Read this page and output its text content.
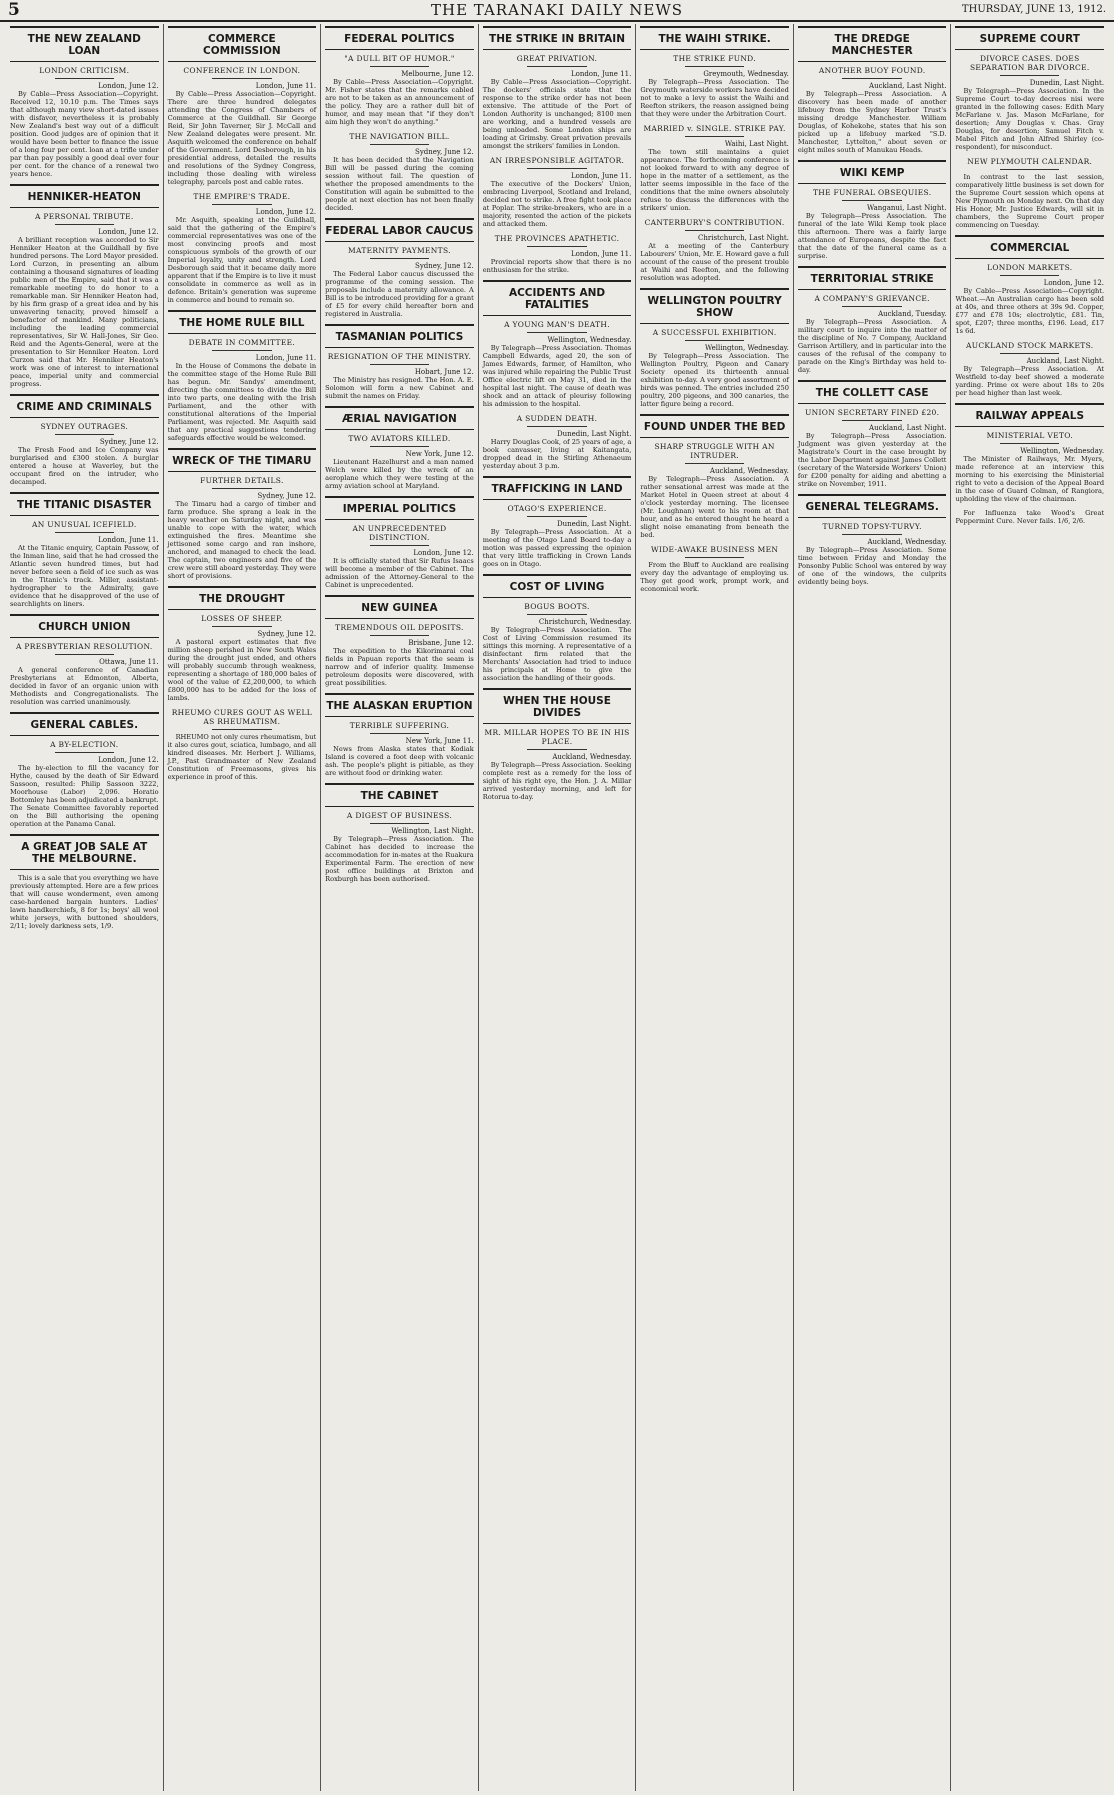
5	THE TARANAKI DAILY NEWS	THURSDAY, JUNE 13, 1912.
THE NEW ZEALAND LOAN
LONDON CRITICISM.

London, June 12.

By Cable—Press Association—Copyright. Received 12, 10.10 p.m. The Times says that although many view short-dated issues with disfavor, nevertheless it is probably New Zealand's best way out of a difficult position. Good judges are of opinion that it would have been better to finance the issue of a long four per cent. loan at a trifle under par than pay possibly a good deal over four per cent. for the chance of a renewal two years hence.

HENNIKER-HEATON
A PERSONAL TRIBUTE.

London, June 12.

A brilliant reception was accorded to Sir Henniker Heaton at the Guildhall by five hundred persons. The Lord Mayor presided. Lord Curzon, in presenting an album containing a thousand signatures of leading public men of the Empire, said that it was a remarkable meeting to do honor to a remarkable man. Sir Henniker Heaton had, by his firm grasp of a great idea and by his unwavering tenacity, proved himself a benefactor of mankind. Many politicians, including the leading commercial representatives, Sir W. Hall-Jones, Sir Geo. Reid and the Agents-General, were at the presentation to Sir Henniker Heaton. Lord Curzon said that Mr. Henniker Heaton's work was one of interest to international peace, imperial unity and commercial progress.

CRIME AND CRIMINALS
SYDNEY OUTRAGES.

Sydney, June 12.

The Fresh Food and Ice Company was burglarised and £300 stolen. A burglar entered a house at Waverley, but the occupant fired on the intruder, who decamped.

THE TITANIC DISASTER
AN UNUSUAL ICEFIELD.

London, June 11.

At the Titanic enquiry, Captain Passow, of the Inman line, said that he had crossed the Atlantic seven hundred times, but had never before seen a field of ice such as was in the Titanic's track. Miller, assistant-hydrographer to the Admiralty, gave evidence that he disapproved of the use of searchlights on liners.

CHURCH UNION
A PRESBYTERIAN RESOLUTION.

Ottawa, June 11.

A general conference of Canadian Presbyterians at Edmonton, Alberta, decided in favor of an organic union with Methodists and Congregationalists. The resolution was carried unanimously.

GENERAL CABLES.
A BY-ELECTION.

London, June 12.

The by-election to fill the vacancy for Hythe, caused by the death of Sir Edward Sassoon, resulted: Philip Sassoon 3222, Moorhouse (Labor) 2,096. Horatio Bottomley has been adjudicated a bankrupt. The Senate Committee favorably reported on the Bill authorising the opening operation at the Panama Canal.

A GREAT JOB SALE AT THE MELBOURNE.

This is a sale that you everything we have previously attempted. Here are a few prices that will cause wonderment, even among case-hardened bargain hunters. Ladies' lawn handkerchiefs, 8 for 1s; boys' all wool white jerseys, with buttoned shoulders, 2/11; lovely darkness sets, 1/9.

COMMERCE COMMISSION
CONFERENCE IN LONDON.

London, June 11.

By Cable—Press Association—Copyright. There are three hundred delegates attending the Congress of Chambers of Commerce at the Guildhall. Sir George Reid, Sir John Taverner, Sir J. McCall and New Zealand delegates were present. Mr. Asquith welcomed the conference on behalf of the Government. Lord Desborough, in his presidential address, detailed the results and resolutions of the Sydney Congress, including those dealing with wireless telegraphy, parcels post and cable rates.

THE EMPIRE'S TRADE.

London, June 12.

Mr. Asquith, speaking at the Guildhall, said that the gathering of the Empire's commercial representatives was one of the most convincing proofs and most conspicuous symbols of the growth of our Imperial loyalty, unity and strength. Lord Desborough said that it became daily more apparent that if the Empire is to live it must consolidate in commerce as well as in defence. Britain's generation was supreme in commerce and bound to remain so.

THE HOME RULE BILL
DEBATE IN COMMITTEE.

London, June 11.

In the House of Commons the debate in the committee stage of the Home Rule Bill has begun. Mr. Sandys' amendment, directing the committees to divide the Bill into two parts, one dealing with the Irish Parliament, and the other with constitutional alterations of the Imperial Parliament, was rejected. Mr. Asquith said that any practical suggestions tendering safeguards effective would be welcomed.

WRECK OF THE TIMARU
FURTHER DETAILS.

Sydney, June 12.

The Timaru had a cargo of timber and farm produce. She sprang a leak in the heavy weather on Saturday night, and was unable to cope with the water, which extinguished the fires. Meantime she jettisoned some cargo and ran inshore, anchored, and managed to check the lead. The captain, two engineers and five of the crew were still aboard yesterday. They were short of provisions.

THE DROUGHT
LOSSES OF SHEEP.

Sydney, June 12.

A pastoral expert estimates that five million sheep perished in New South Wales during the drought just ended, and others will probably succumb through weakness, representing a shortage of 180,000 bales of wool of the value of £2,200,000, to which £800,000 has to be added for the loss of lambs.

RHEUMO CURES GOUT AS WELL AS RHEUMATISM.

RHEUMO not only cures rheumatism, but it also cures gout, sciatica, lumbago, and all kindred diseases. Mr. Herbert J. Williams, J.P., Past Grandmaster of New Zealand Constitution of Freemasons, gives his experience in proof of this.

FEDERAL POLITICS
"A DULL BIT OF HUMOR."

Melbourne, June 12.

By Cable—Press Association—Copyright. Mr. Fisher states that the remarks cabled are not to be taken as an announcement of the policy. They are a rather dull bit of humor, and may mean that "if they don't aim high they won't do anything."

THE NAVIGATION BILL.

Sydney, June 12.

It has been decided that the Navigation Bill will be passed during the coming session without fail. The question of whether the proposed amendments to the Constitution will again be submitted to the people at next election has not been finally decided.

FEDERAL LABOR CAUCUS
MATERNITY PAYMENTS.

Sydney, June 12.

The Federal Labor caucus discussed the programme of the coming session. The proposals include a maternity allowance. A Bill is to be introduced providing for a grant of £5 for every child hereafter born and registered in Australia.

TASMANIAN POLITICS
RESIGNATION OF THE MINISTRY.

Hobart, June 12.

The Ministry has resigned. The Hon. A. E. Solomon will form a new Cabinet and submit the names on Friday.

ÆRIAL NAVIGATION
TWO AVIATORS KILLED.

New York, June 12.

Lieutenant Hazelhurst and a man named Welch were killed by the wreck of an aeroplane which they were testing at the army aviation school at Maryland.

IMPERIAL POLITICS
AN UNPRECEDENTED DISTINCTION.

London, June 12.

It is officially stated that Sir Rufus Isaacs will become a member of the Cabinet. The admission of the Attorney-General to the Cabinet is unprecedented.

NEW GUINEA
TREMENDOUS OIL DEPOSITS.

Brisbane, June 12.

The expedition to the Kikorimarai coal fields in Papuan reports that the seam is narrow and of inferior quality. Immense petroleum deposits were discovered, with great possibilities.

THE ALASKAN ERUPTION
TERRIBLE SUFFERING.

New York, June 11.

News from Alaska states that Kodiak Island is covered a foot deep with volcanic ash. The people's plight is pitiable, as they are without food or drinking water.

THE CABINET
A DIGEST OF BUSINESS.

Wellington, Last Night.

By Telegraph—Press Association. The Cabinet has decided to increase the accommodation for in-mates at the Ruakura Experimental Farm. The erection of new post office buildings at Brixton and Roxburgh has been authorised.

THE STRIKE IN BRITAIN
GREAT PRIVATION.

London, June 11.

By Cable—Press Association—Copyright. The dockers' officials state that the response to the strike order has not been extensive. The attitude of the Port of London Authority is unchanged; 8100 men are working, and a hundred vessels are being unloaded. Some London ships are loading at Grimsby. Great privation prevails amongst the strikers' families in London.

AN IRRESPONSIBLE AGITATOR.

London, June 11.

The executive of the Dockers' Union, embracing Liverpool, Scotland and Ireland, decided not to strike. A free fight took place at Poplar. The strike-breakers, who are in a majority, resented the action of the pickets and attacked them.

THE PROVINCES APATHETIC.

London, June 11.

Provincial reports show that there is no enthusiasm for the strike.

ACCIDENTS AND FATALITIES
A YOUNG MAN'S DEATH.

Wellington, Wednesday.

By Telegraph—Press Association. Thomas Campbell Edwards, aged 20, the son of James Edwards, farmer, of Hamilton, who was injured while repairing the Public Trust Office electric lift on May 31, died in the hospital last night. The cause of death was shock and an attack of pleurisy following his admission to the hospital.

A SUDDEN DEATH.

Dunedin, Last Night.

Harry Douglas Cook, of 25 years of age, a book canvasser, living at Kaitangata, dropped dead in the Stirling Athenaeum yesterday about 3 p.m.

TRAFFICKING IN LAND
OTAGO'S EXPERIENCE.

Dunedin, Last Night.

By Telegraph—Press Association. At a meeting of the Otago Land Board to-day a motion was passed expressing the opinion that very little trafficking in Crown Lands goes on in Otago.

COST OF LIVING
BOGUS BOOTS.

Christchurch, Wednesday.

By Telegraph—Press Association. The Cost of Living Commission resumed its sittings this morning. A representative of a disinfectant firm related that the Merchants' Association had tried to induce his principals at Home to give the association the handling of their goods.

WHEN THE HOUSE DIVIDES
MR. MILLAR HOPES TO BE IN HIS PLACE.

Auckland, Wednesday.

By Telegraph—Press Association. Seeking complete rest as a remedy for the loss of sight of his right eye, the Hon. J. A. Millar arrived yesterday morning, and left for Rotorua to-day.

THE WAIHI STRIKE.
THE STRIKE FUND.

Greymouth, Wednesday.

By Telegraph—Press Association. The Greymouth waterside workers have decided not to make a levy to assist the Waihi and Reefton strikers, the reason assigned being that they were under the Arbitration Court.

MARRIED v. SINGLE. STRIKE PAY.

Waihi, Last Night.

The town still maintains a quiet appearance. The forthcoming conference is not looked forward to with any degree of hope in the matter of a settlement, as the latter seems impossible in the face of the conditions that the mine owners absolutely refuse to discuss the differences with the strikers' union.

CANTERBURY'S CONTRIBUTION.

Christchurch, Last Night.

At a meeting of the Canterbury Labourers' Union, Mr. E. Howard gave a full account of the cause of the present trouble at Waihi and Reefton, and the following resolution was adopted.

WELLINGTON POULTRY SHOW
A SUCCESSFUL EXHIBITION.

Wellington, Wednesday.

By Telegraph—Press Association. The Wellington Poultry, Pigeon and Canary Society opened its thirteenth annual exhibition to-day. A very good assortment of birds was penned. The entries included 250 poultry, 200 pigeons, and 300 canaries, the latter figure being a record.

FOUND UNDER THE BED
SHARP STRUGGLE WITH AN INTRUDER.

Auckland, Wednesday.

By Telegraph—Press Association. A rather sensational arrest was made at the Market Hotel in Queen street at about 4 o'clock yesterday morning. The licensee (Mr. Loughnan) went to his room at that hour, and as he entered thought he heard a slight noise emanating from beneath the bed.

WIDE-AWAKE BUSINESS MEN

From the Bluff to Auckland are realising every day the advantage of employing us. They get good work, prompt work, and economical work.

THE DREDGE MANCHESTER
ANOTHER BUOY FOUND.

Auckland, Last Night.

By Telegraph—Press Association. A discovery has been made of another lifebuoy from the Sydney Harbor Trust's missing dredge Manchester. William Douglas, of Kohekohe, states that his son picked up a lifebuoy marked "S.D. Manchester, Lyttelton," about seven or eight miles south of Manukau Heads.

WIKI KEMP
THE FUNERAL OBSEQUIES.

Wanganui, Last Night.

By Telegraph—Press Association. The funeral of the late Wiki Kemp took place this afternoon. There was a fairly large attendance of Europeans, despite the fact that the date of the funeral came as a surprise.

TERRITORIAL STRIKE
A COMPANY'S GRIEVANCE.

Auckland, Tuesday.

By Telegraph—Press Association. A military court to inquire into the matter of the discipline of No. 7 Company, Auckland Garrison Artillery, and in particular into the causes of the refusal of the company to parade on the King's Birthday was held to-day.

THE COLLETT CASE
UNION SECRETARY FINED £20.

Auckland, Last Night.

By Telegraph—Press Association. Judgment was given yesterday at the Magistrate's Court in the case brought by the Labor Department against James Collett (secretary of the Waterside Workers' Union) for £200 penalty for aiding and abetting a strike on November, 1911.

GENERAL TELEGRAMS.
TURNED TOPSY-TURVY.

Auckland, Wednesday.

By Telegraph—Press Association. Some time between Friday and Monday the Ponsonby Public School was entered by way of one of the windows, the culprits evidently being boys.

SUPREME COURT
DIVORCE CASES. DOES SEPARATION BAR DIVORCE.

Dunedin, Last Night.

By Telegraph—Press Association. In the Supreme Court to-day decrees nisi were granted in the following cases: Edith Mary McFarlane v. Jas. Mason McFarlane, for desertion; Amy Douglas v. Chas. Gray Douglas, for desertion; Samuel Fitch v. Mabel Fitch and John Alfred Shirley (co-respondent), for misconduct.

NEW PLYMOUTH CALENDAR.

In contrast to the last session, comparatively little business is set down for the Supreme Court session which opens at New Plymouth on Monday next. On that day His Honor, Mr. Justice Edwards, will sit in chambers, the Supreme Court proper commencing on Tuesday.

COMMERCIAL
LONDON MARKETS.

London, June 12.

By Cable—Press Association—Copyright. Wheat.—An Australian cargo has been sold at 40s, and three others at 39s 9d. Copper, £77 and £78 10s; electrolytic, £81. Tin, spot, £207; three months, £196. Lead, £17 1s 6d.

AUCKLAND STOCK MARKETS.

Auckland, Last Night.

By Telegraph—Press Association. At Westfield to-day beef showed a moderate yarding. Prime ox were about 18s to 20s per head higher than last week.

RAILWAY APPEALS
MINISTERIAL VETO.

Wellington, Wednesday.

The Minister of Railways, Mr. Myers, made reference at an interview this morning to his exercising the Ministerial right to veto a decision of the Appeal Board in the case of Guard Colman, of Rangiora, upholding the view of the chairman.

For Influenza take Wood's Great Peppermint Cure. Never fails. 1/6, 2/6.
